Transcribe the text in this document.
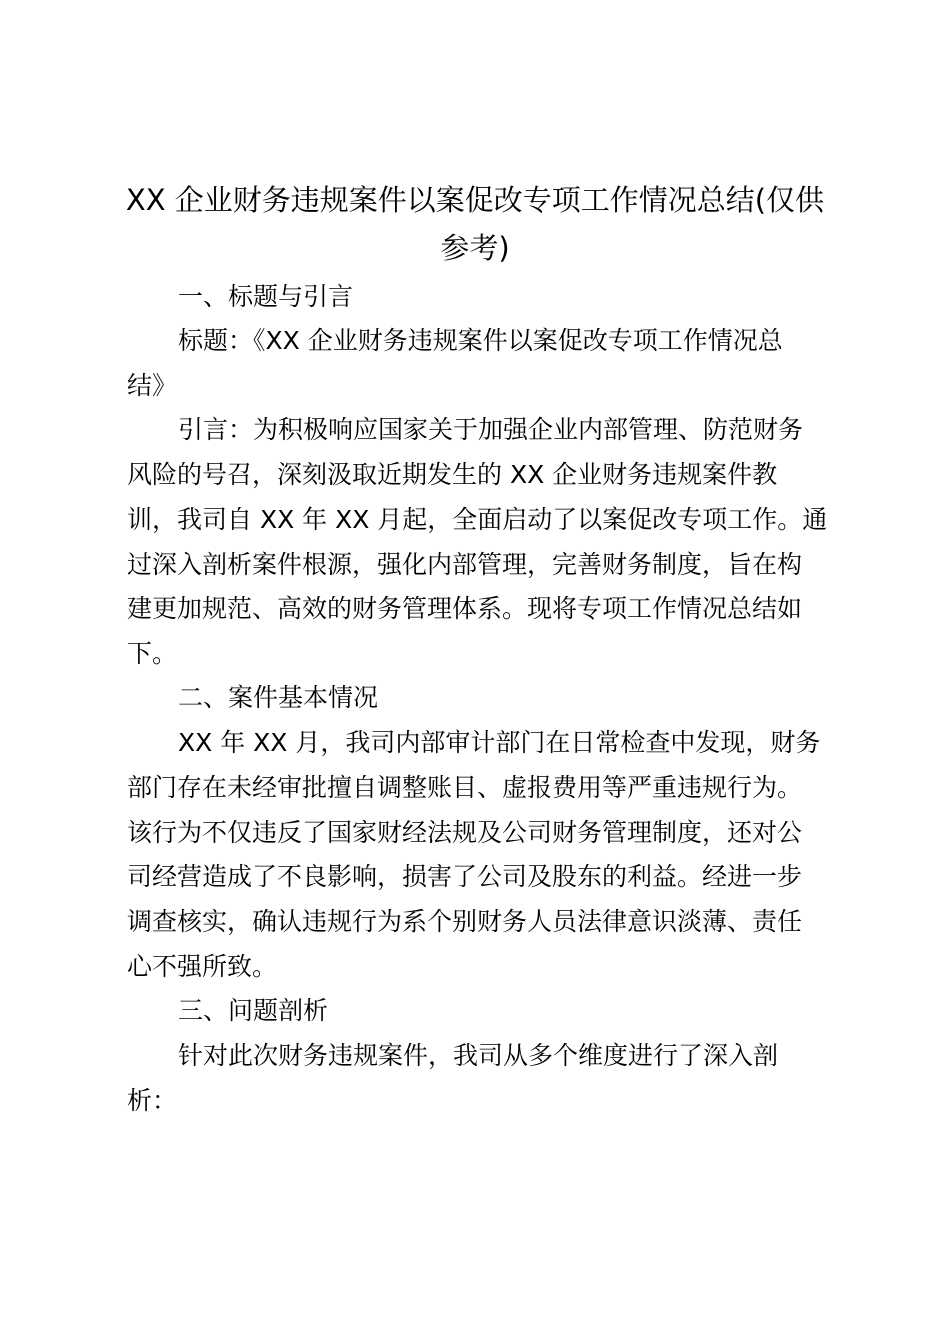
XX 企业财务违规案件以案促改专项工作情况总结(仅供
参考)
一、标题与引言
标题：《XX 企业财务违规案件以案促改专项工作情况总
结》
引言：为积极响应国家关于加强企业内部管理、防范财务
风险的号召，深刻汲取近期发生的 XX 企业财务违规案件教
训，我司自 XX 年 XX 月起，全面启动了以案促改专项工作。通
过深入剖析案件根源，强化内部管理，完善财务制度，旨在构
建更加规范、高效的财务管理体系。现将专项工作情况总结如
下。
二、案件基本情况
XX 年 XX 月，我司内部审计部门在日常检查中发现，财务
部门存在未经审批擅自调整账目、虚报费用等严重违规行为。
该行为不仅违反了国家财经法规及公司财务管理制度，还对公
司经营造成了不良影响，损害了公司及股东的利益。经进一步
调查核实，确认违规行为系个别财务人员法律意识淡薄、责任
心不强所致。
三、问题剖析
针对此次财务违规案件，我司从多个维度进行了深入剖
析：
